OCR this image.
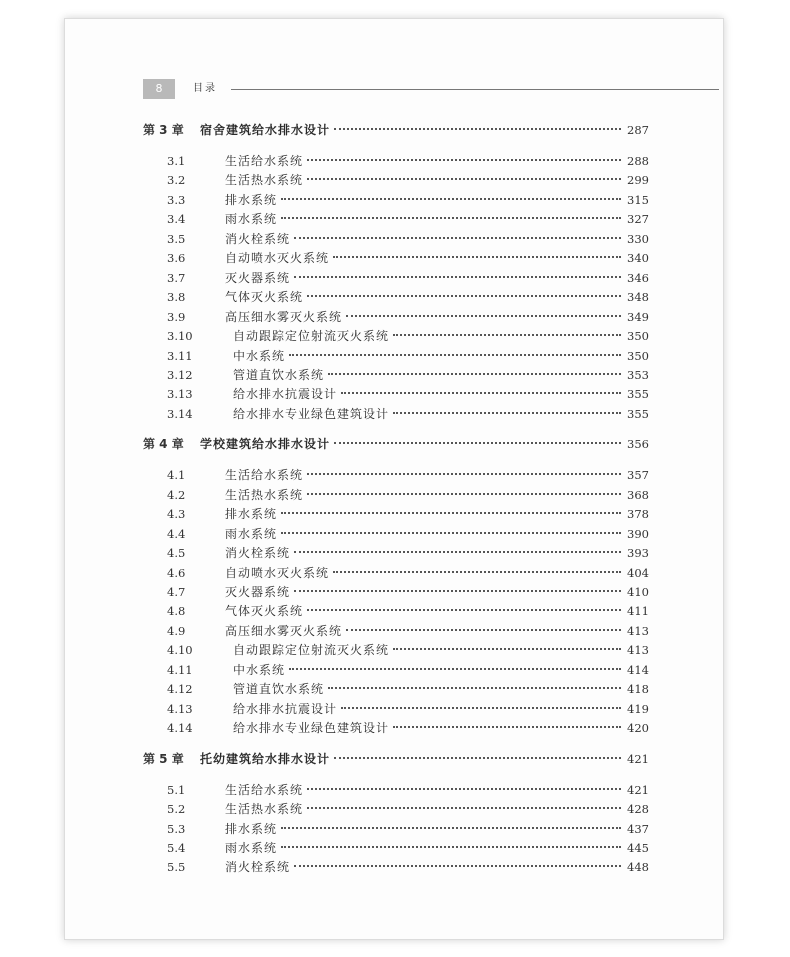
8	目录
第 3 章	宿舍建筑给水排水设计	287
3.1	生活给水系统	288
3.2	生活热水系统	299
3.3	排水系统	315
3.4	雨水系统	327
3.5	消火栓系统	330
3.6	自动喷水灭火系统	340
3.7	灭火器系统	346
3.8	气体灭火系统	348
3.9	高压细水雾灭火系统	349
3.10	自动跟踪定位射流灭火系统	350
3.11	中水系统	350
3.12	管道直饮水系统	353
3.13	给水排水抗震设计	355
3.14	给水排水专业绿色建筑设计	355
第 4 章	学校建筑给水排水设计	356
4.1	生活给水系统	357
4.2	生活热水系统	368
4.3	排水系统	378
4.4	雨水系统	390
4.5	消火栓系统	393
4.6	自动喷水灭火系统	404
4.7	灭火器系统	410
4.8	气体灭火系统	411
4.9	高压细水雾灭火系统	413
4.10	自动跟踪定位射流灭火系统	413
4.11	中水系统	414
4.12	管道直饮水系统	418
4.13	给水排水抗震设计	419
4.14	给水排水专业绿色建筑设计	420
第 5 章	托幼建筑给水排水设计	421
5.1	生活给水系统	421
5.2	生活热水系统	428
5.3	排水系统	437
5.4	雨水系统	445
5.5	消火栓系统	448
